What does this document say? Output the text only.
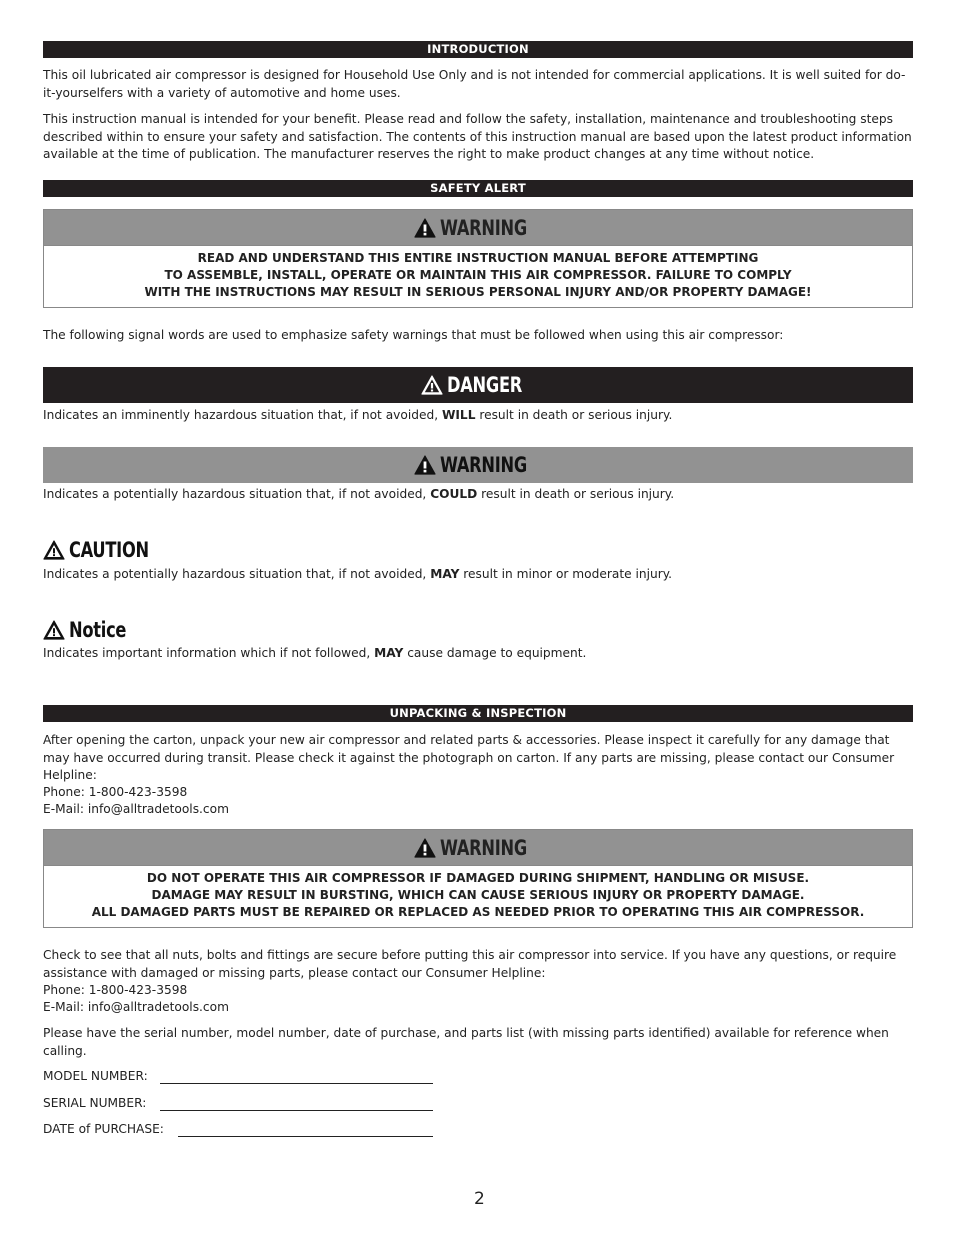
INTRODUCTION

This oil lubricated air compressor is designed for Household Use Only and is not intended for commercial applications. It is well suited for do-it-yourselfers with a variety of automotive and home uses.

This instruction manual is intended for your benefit. Please read and follow the safety, installation, maintenance and troubleshooting steps described within to ensure your safety and satisfaction. The contents of this instruction manual are based upon the latest product information available at the time of publication. The manufacturer reserves the right to make product changes at any time without notice.

SAFETY ALERT
WARNING
READ AND UNDERSTAND THIS ENTIRE INSTRUCTION MANUAL BEFORE ATTEMPTING
TO ASSEMBLE, INSTALL, OPERATE OR MAINTAIN THIS AIR COMPRESSOR. FAILURE TO COMPLY
WITH THE INSTRUCTIONS MAY RESULT IN SERIOUS PERSONAL INJURY AND/OR PROPERTY DAMAGE!

The following signal words are used to emphasize safety warnings that must be followed when using this air compressor:

DANGER

Indicates an imminently hazardous situation that, if not avoided, WILL result in death or serious injury.

WARNING

Indicates a potentially hazardous situation that, if not avoided, COULD result in death or serious injury.

CAUTION

Indicates a potentially hazardous situation that, if not avoided, MAY result in minor or moderate injury.

Notice

Indicates important information which if not followed, MAY cause damage to equipment.

UNPACKING & INSPECTION

After opening the carton, unpack your new air compressor and related parts & accessories. Please inspect it carefully for any damage that may have occurred during transit. Please check it against the photograph on carton. If any parts are missing, please contact our Consumer Helpline:

Phone: 1-800-423-3598

E-Mail: info@alltradetools.com

WARNING
DO NOT OPERATE THIS AIR COMPRESSOR IF DAMAGED DURING SHIPMENT, HANDLING OR MISUSE.
DAMAGE MAY RESULT IN BURSTING, WHICH CAN CAUSE SERIOUS INJURY OR PROPERTY DAMAGE.
ALL DAMAGED PARTS MUST BE REPAIRED OR REPLACED AS NEEDED PRIOR TO OPERATING THIS AIR COMPRESSOR.

Check to see that all nuts, bolts and fittings are secure before putting this air compressor into service. If you have any questions, or require assistance with damaged or missing parts, please contact our Consumer Helpline:

Phone: 1-800-423-3598

E-Mail: info@alltradetools.com

Please have the serial number, model number, date of purchase, and parts list (with missing parts identified) available for reference when calling.

MODEL NUMBER:
SERIAL NUMBER:
DATE of PURCHASE:
2
